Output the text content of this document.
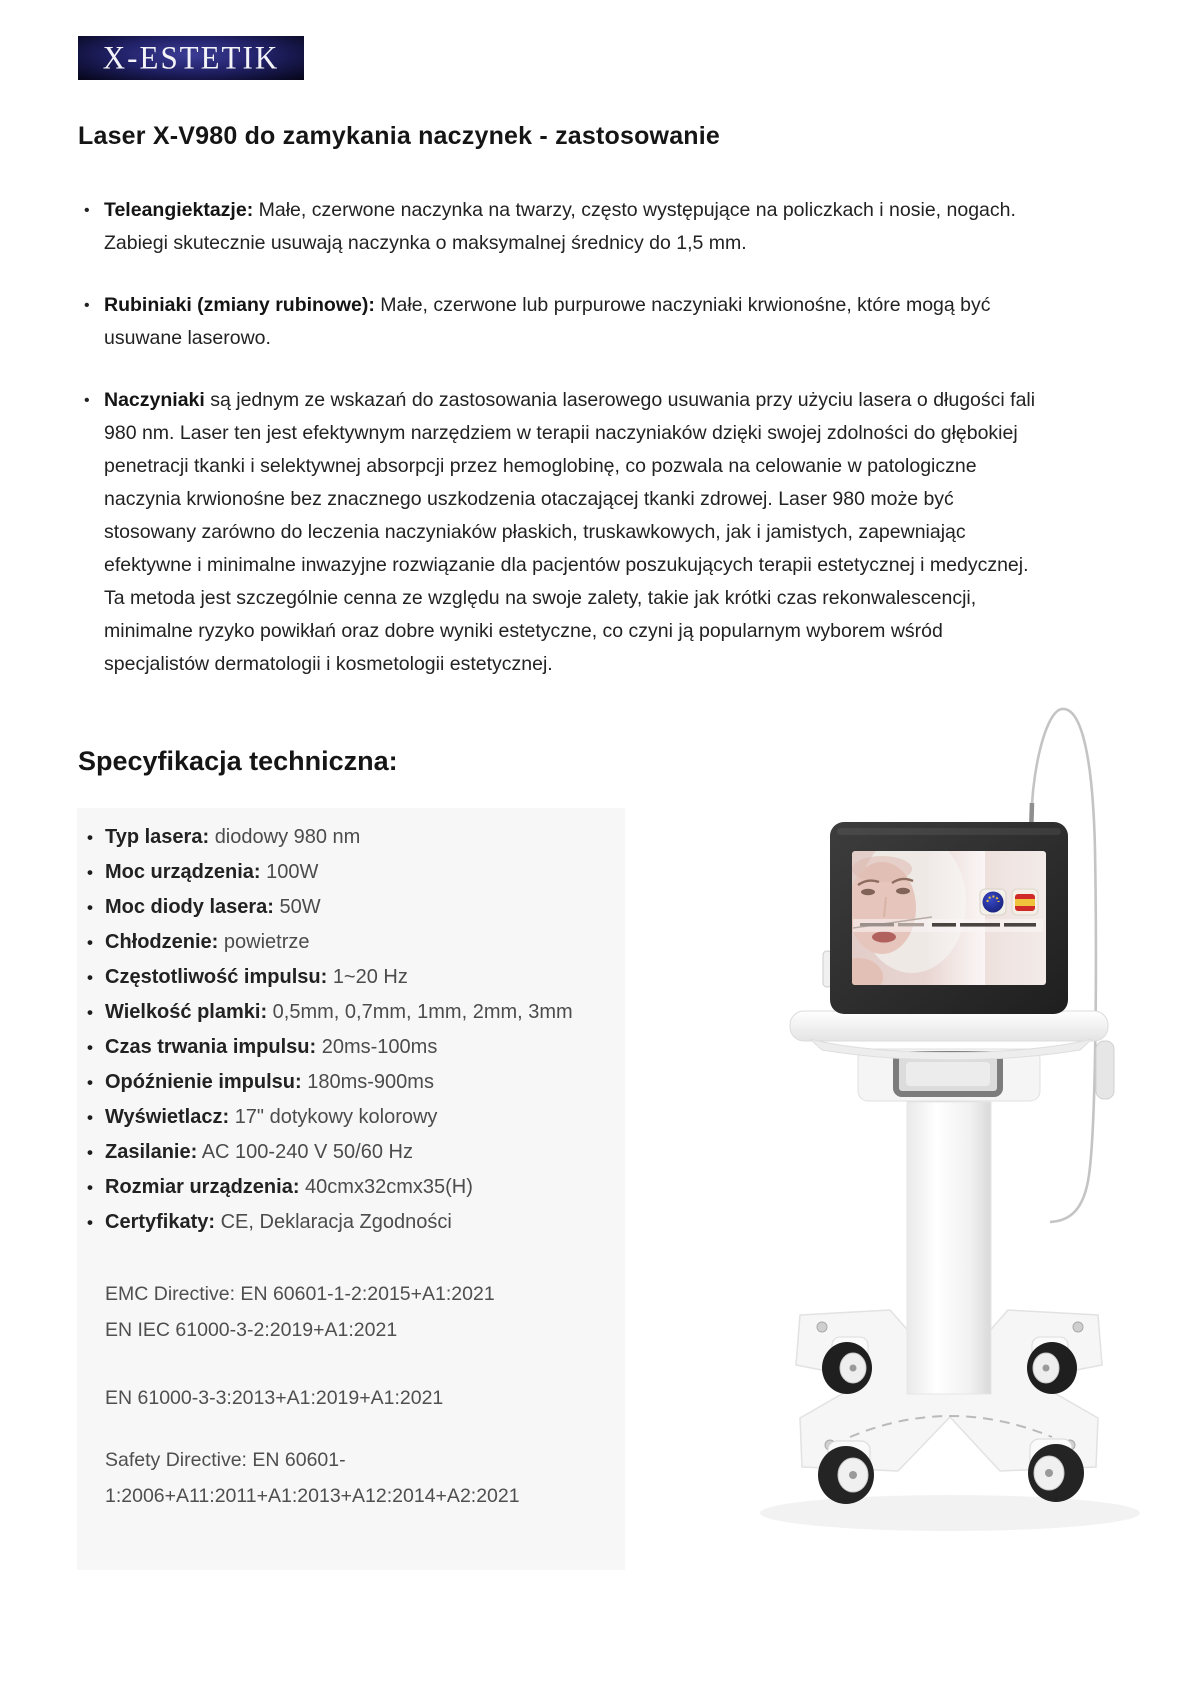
X-ESTETIK
Laser X-V980 do zamykania naczynek - zastosowanie
• Teleangiektazje: Małe, czerwone naczynka na twarzy, często występujące na policzkach i nosie, nogach. Zabiegi skutecznie usuwają naczynka o maksymalnej średnicy do 1,5 mm.
• Rubiniaki (zmiany rubinowe): Małe, czerwone lub purpurowe naczyniaki krwionośne, które mogą być usuwane laserowo.
• Naczyniaki są jednym ze wskazań do zastosowania laserowego usuwania przy użyciu lasera o długości fali 980 nm. Laser ten jest efektywnym narzędziem w terapii naczyniaków dzięki swojej zdolności do głębokiej penetracji tkanki i selektywnej absorpcji przez hemoglobinę, co pozwala na celowanie w patologiczne naczynia krwionośne bez znacznego uszkodzenia otaczającej tkanki zdrowej. Laser 980 może być stosowany zarówno do leczenia naczyniaków płaskich, truskawkowych, jak i jamistych, zapewniając efektywne i minimalne inwazyjne rozwiązanie dla pacjentów poszukujących terapii estetycznej i medycznej. Ta metoda jest szczególnie cenna ze względu na swoje zalety, takie jak krótki czas rekonwalescencji, minimalne ryzyko powikłań oraz dobre wyniki estetyczne, co czyni ją popularnym wyborem wśród specjalistów dermatologii i kosmetologii estetycznej.
Specyfikacja techniczna:
• Typ lasera: diodowy 980 nm
• Moc urządzenia: 100W
• Moc diody lasera: 50W
• Chłodzenie: powietrze
• Częstotliwość impulsu: 1~20 Hz
• Wielkość plamki: 0,5mm, 0,7mm, 1mm, 2mm, 3mm
• Czas trwania impulsu: 20ms-100ms
• Opóźnienie impulsu: 180ms-900ms
• Wyświetlacz: 17" dotykowy kolorowy
• Zasilanie: AC 100-240 V 50/60 Hz
• Rozmiar urządzenia: 40cmx32cmx35(H)
• Certyfikaty: CE, Deklaracja Zgodności
EMC Directive: EN 60601-1-2:2015+A1:2021
EN IEC 61000-3-2:2019+A1:2021
EN 61000-3-3:2013+A1:2019+A1:2021
Safety Directive: EN 60601-
1:2006+A11:2011+A1:2013+A12:2014+A2:2021
